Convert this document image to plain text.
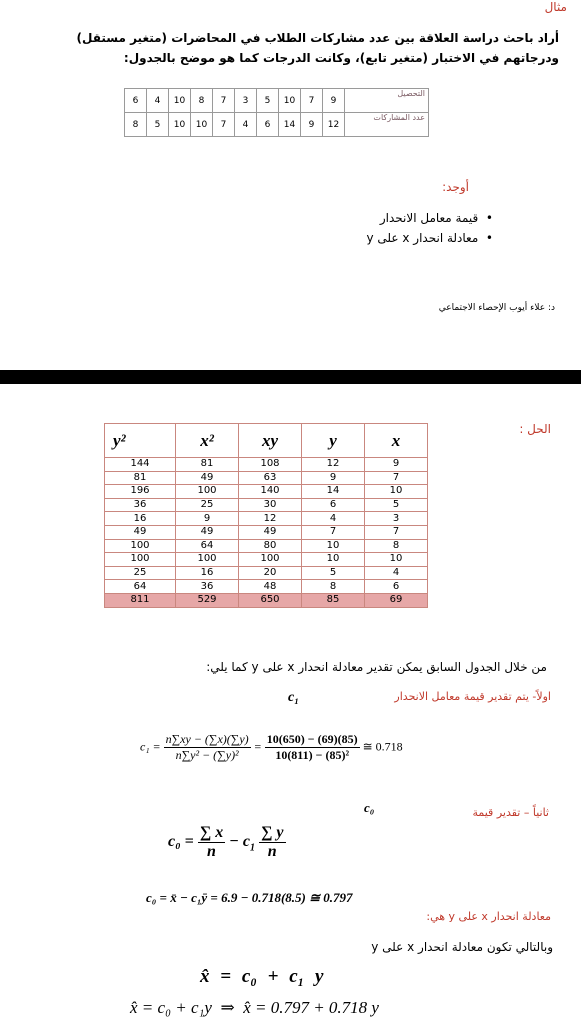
مثال
أراد باحث دراسة العلاقة بين عدد مشاركات الطلاب في المحاضرات (متغير مستقل) ودرجاتهم في الاختبار (متغير تابع)، وكانت الدرجات كما هو موضح بالجدول:
6	4	10	8	7	3	5	10	7	9	التحصيل
8	5	10	10	7	4	6	14	9	12	عدد المشاركات
أوجد:
•  قيمة معامل الانحدار
•  معادلة انحدار x على y
د: علاء أيوب الإحصاء الاجتماعي
الحل :
y²	x²	xy	y	x
144	81	108	12	9
81	49	63	9	7
196	100	140	14	10
36	25	30	6	5
16	9	12	4	3
49	49	49	7	7
100	64	80	10	8
100	100	100	10	10
25	16	20	5	4
64	36	48	8	6
811	529	650	85	69
من خلال الجدول السابق يمكن تقدير معادلة انحدار x على y كما يلي:
اولاً- يتم تقدير قيمة معامل الانحدار
c₁
$c_1 = \frac{n\sum xy - (\sum x)(\sum y)}{\text{n∑y² − (∑y)²}} = \frac{10(650) - (69)(85)}{\text{10(811) − (85)²}}$ ≅ 0.718
ثانياً – تقدير قيمة
c₀
$c_0 = \frac{\sum x}{n} - c_1 \frac{\sum y}{n}$
c₀ = x̄ − c₁ȳ = 6.9 − 0.718(8.5) ≅ 0.797
معادلة انحدار x على y هي:
وبالتالي تكون معادلة انحدار x على y
x̂ = c₀ + c₁ y
x̂ = c₀ + c₁y  ⇒  x̂ = 0.797 + 0.718 y
